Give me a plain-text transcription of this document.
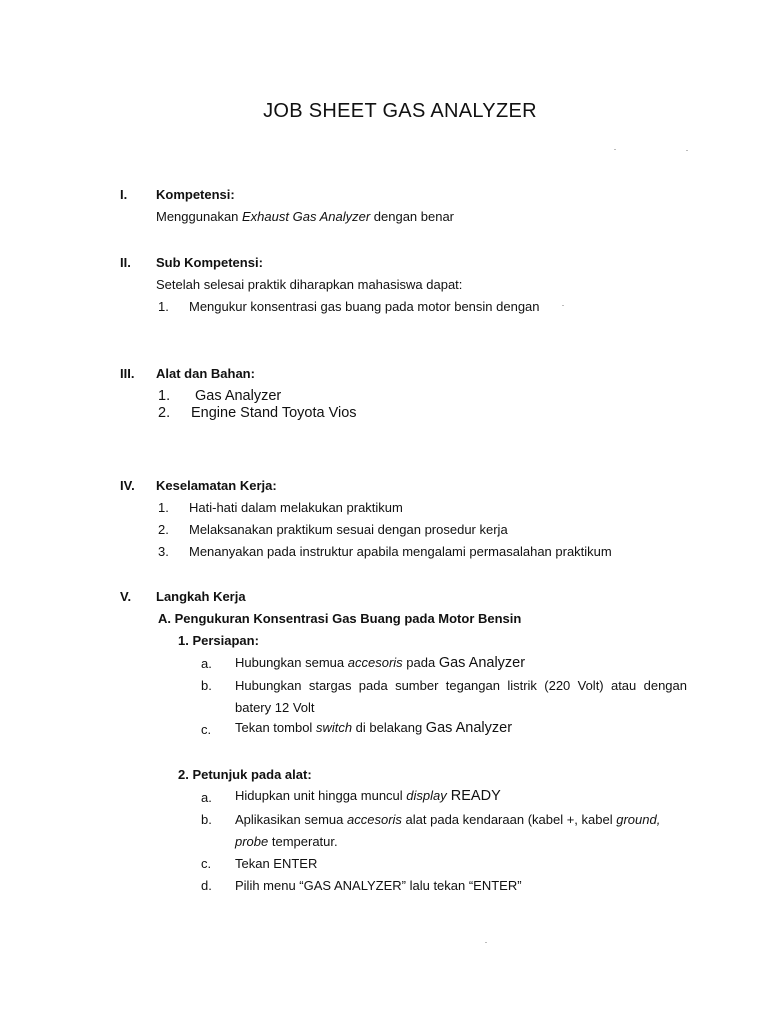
JOB SHEET GAS ANALYZER
I. Kompetensi:
Menggunakan Exhaust Gas Analyzer dengan benar
II. Sub Kompetensi:
Setelah selesai praktik diharapkan mahasiswa dapat:
1. Mengukur konsentrasi gas buang pada motor bensin dengan
III. Alat dan Bahan:
1. Gas Analyzer
2. Engine Stand Toyota Vios
IV. Keselamatan Kerja:
1. Hati-hati dalam melakukan praktikum
2. Melaksanakan praktikum sesuai dengan prosedur kerja
3. Menanyakan pada instruktur apabila mengalami permasalahan praktikum
V. Langkah Kerja
A. Pengukuran Konsentrasi Gas Buang pada Motor Bensin
1. Persiapan:
a. Hubungkan semua accesoris pada Gas Analyzer
b. Hubungkan stargas pada sumber tegangan listrik (220 Volt) atau dengan
batery 12 Volt
c. Tekan tombol switch di belakang Gas Analyzer
2. Petunjuk pada alat:
a. Hidupkan unit hingga muncul display READY
b. Aplikasikan semua accesoris alat pada kendaraan (kabel +, kabel ground,
probe temperatur.
c. Tekan ENTER
d. Pilih menu “GAS ANALYZER” lalu tekan “ENTER”
